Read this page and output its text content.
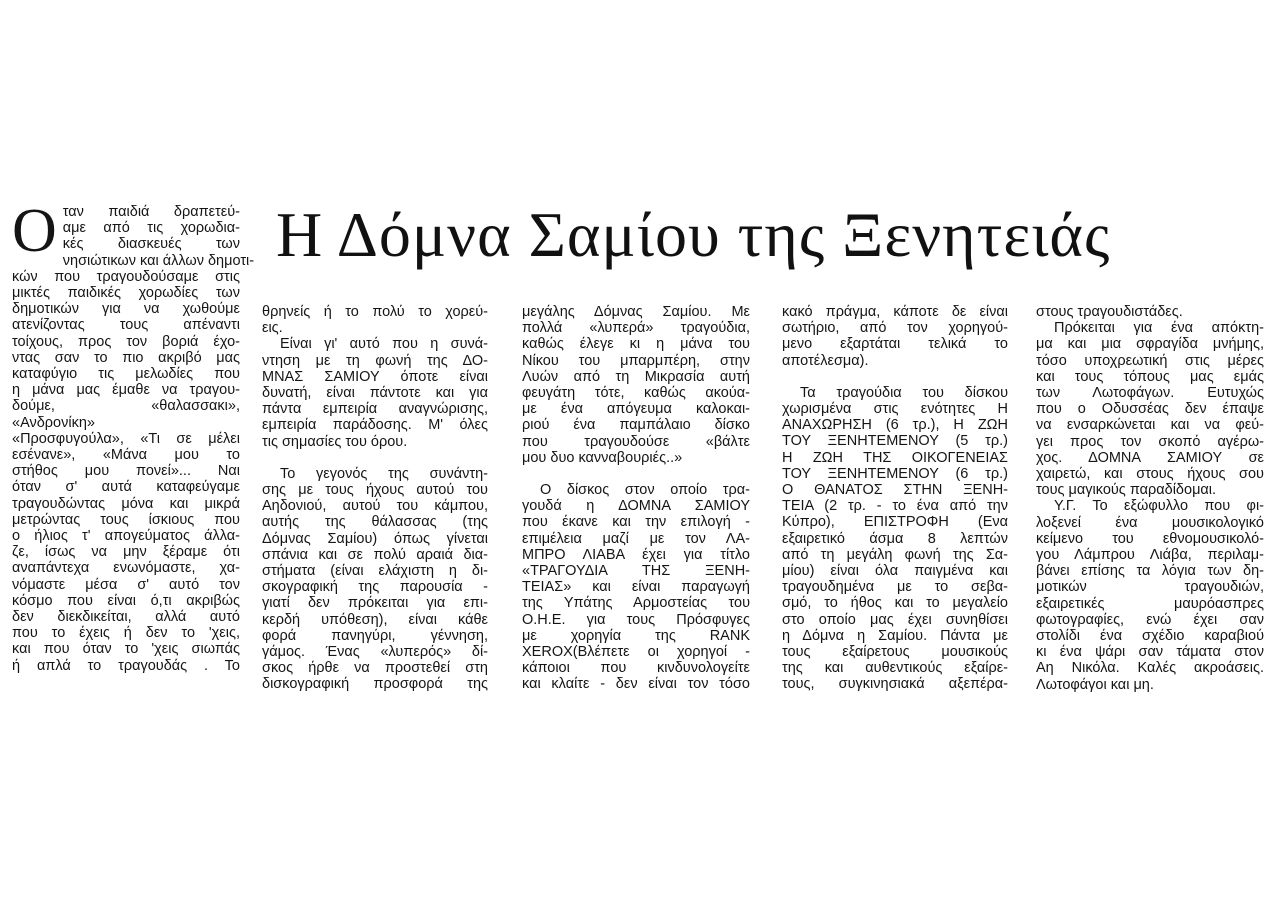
Η Δόμνα Σαμίου της Ξενητειάς
Ο ταν παιδιά δραπετεύ-
αμε από τις χορωδια-
κές διασκευές των
νησιώτικων και άλλων δημοτι-
κών που τραγουδούσαμε στις
μικτές παιδικές χορωδίες των
δημοτικών για να χωθούμε
ατενίζοντας τους απέναντι
τοίχους, προς τον βοριά έχο-
ντας σαν το πιο ακριβό μας
καταφύγιο τις μελωδίες που
η μάνα μας έμαθε να τραγου-
δούμε, «θαλασσακι»,
«Ανδρονίκη»
«Προσφυγούλα», «Τι σε μέλει
εσένανε», «Μάνα μου το
στήθος μου πονεί»... Ναι
όταν σ' αυτά καταφεύγαμε
τραγουδώντας μόνα και μικρά
μετρώντας τους ίσκιους που
ο ήλιος τ' απογεύματος άλλα-
ζε, ίσως να μην ξέραμε ότι
αναπάντεχα ενωνόμαστε, χα-
νόμαστε μέσα σ' αυτό τον
κόσμο που είναι ό,τι ακριβώς
δεν διεκδικείται, αλλά αυτό
που το έχεις ή δεν το 'χεις,
και που όταν το 'χεις σιωπάς
ή απλά το τραγουδάς . Το
θρηνείς ή το πολύ το χορεύ-
εις.
Είναι γι' αυτό που η συνά-
ντηση με τη φωνή της ΔΟ-
ΜΝΑΣ ΣΑΜΙΟΥ όποτε είναι
δυνατή, είναι πάντοτε και για
πάντα εμπειρία αναγνώρισης,
εμπειρία παράδοσης. Μ' όλες
τις σημασίες του όρου.
Το γεγονός της συνάντη-
σης με τους ήχους αυτού του
Αηδονιού, αυτού του κάμπου,
αυτής της θάλασσας (της
Δόμνας Σαμίου) όπως γίνεται
σπάνια και σε πολύ αραιά δια-
στήματα (είναι ελάχιστη η δι-
σκογραφική της παρουσία -
γιατί δεν πρόκειται για επι-
κερδή υπόθεση), είναι κάθε
φορά πανηγύρι, γέννηση,
γάμος. Ένας «λυπερός» δί-
σκος ήρθε να προστεθεί στη
δισκογραφική προσφορά της
μεγάλης Δόμνας Σαμίου. Με
πολλά «λυπερά» τραγούδια,
καθώς έλεγε κι η μάνα του
Νίκου του μπαρμπέρη, στην
Λυών από τη Μικρασία αυτή
φευγάτη τότε, καθώς ακούα-
με ένα απόγευμα καλοκαι-
ριού ένα παμπάλαιο δίσκο
που τραγουδούσε «βάλτε
μου δυο κανναβουριές..»
Ο δίσκος στον οποίο τρα-
γουδά η ΔΟΜΝΑ ΣΑΜΙΟΥ
που έκανε και την επιλογή -
επιμέλεια μαζί με τον ΛΑ-
ΜΠΡΟ ΛΙΑΒΑ έχει για τίτλο
«ΤΡΑΓΟΥΔΙΑ ΤΗΣ ΞΕΝΗ-
ΤΕΙΑΣ» και είναι παραγωγή
της Υπάτης Αρμοστείας του
Ο.Η.Ε. για τους Πρόσφυγες
με χορηγία της RANK
XEROX(Βλέπετε οι χορηγοί -
κάποιοι που κινδυνολογείτε
και κλαίτε - δεν είναι τον τόσο
κακό πράγμα, κάποτε δε είναι
σωτήριο, από τον χορηγού-
μενο εξαρτάται τελικά το
αποτέλεσμα).
Τα τραγούδια του δίσκου
χωρισμένα στις ενότητες Η
ΑΝΑΧΩΡΗΣΗ (6 τρ.), Η ΖΩΗ
ΤΟΥ ΞΕΝΗΤΕΜΕΝΟΥ (5 τρ.)
Η ΖΩΗ ΤΗΣ ΟΙΚΟΓΕΝΕΙΑΣ
ΤΟΥ ΞΕΝΗΤΕΜΕΝΟΥ (6 τρ.)
Ο ΘΑΝΑΤΟΣ ΣΤΗΝ ΞΕΝΗ-
ΤΕΙΑ (2 τρ. - το ένα από την
Κύπρο), ΕΠΙΣΤΡΟΦΗ (Ενα
εξαιρετικό άσμα 8 λεπτών
από τη μεγάλη φωνή της Σα-
μίου) είναι όλα παιγμένα και
τραγουδημένα με το σεβα-
σμό, το ήθος και το μεγαλείο
στο οποίο μας έχει συνηθίσει
η Δόμνα η Σαμίου. Πάντα με
τους εξαίρετους μουσικούς
της και αυθεντικούς εξαίρε-
τους, συγκινησιακά αξεπέρα-
στους τραγουδιστάδες.
Πρόκειται για ένα απόκτη-
μα και μια σφραγίδα μνήμης,
τόσο υποχρεωτική στις μέρες
και τους τόπους μας εμάς
των Λωτοφάγων. Ευτυχώς
που ο Οδυσσέας δεν έπαψε
να ενσαρκώνεται και να φεύ-
γει προς τον σκοπό αγέρω-
χος. ΔΟΜΝΑ ΣΑΜΙΟΥ σε
χαιρετώ, και στους ήχους σου
τους μαγικούς παραδίδομαι.
Υ.Γ. Το εξώφυλλο που φι-
λοξενεί ένα μουσικολογικό
κείμενο του εθνομουσικολό-
γου Λάμπρου Λιάβα, περιλαμ-
βάνει επίσης τα λόγια των δη-
μοτικών τραγουδιών,
εξαιρετικές μαυρόασπρες
φωτογραφίες, ενώ έχει σαν
στολίδι ένα σχέδιο καραβιού
κι ένα ψάρι σαν τάματα στον
Αη Νικόλα. Καλές ακροάσεις.
Λωτοφάγοι και μη.
